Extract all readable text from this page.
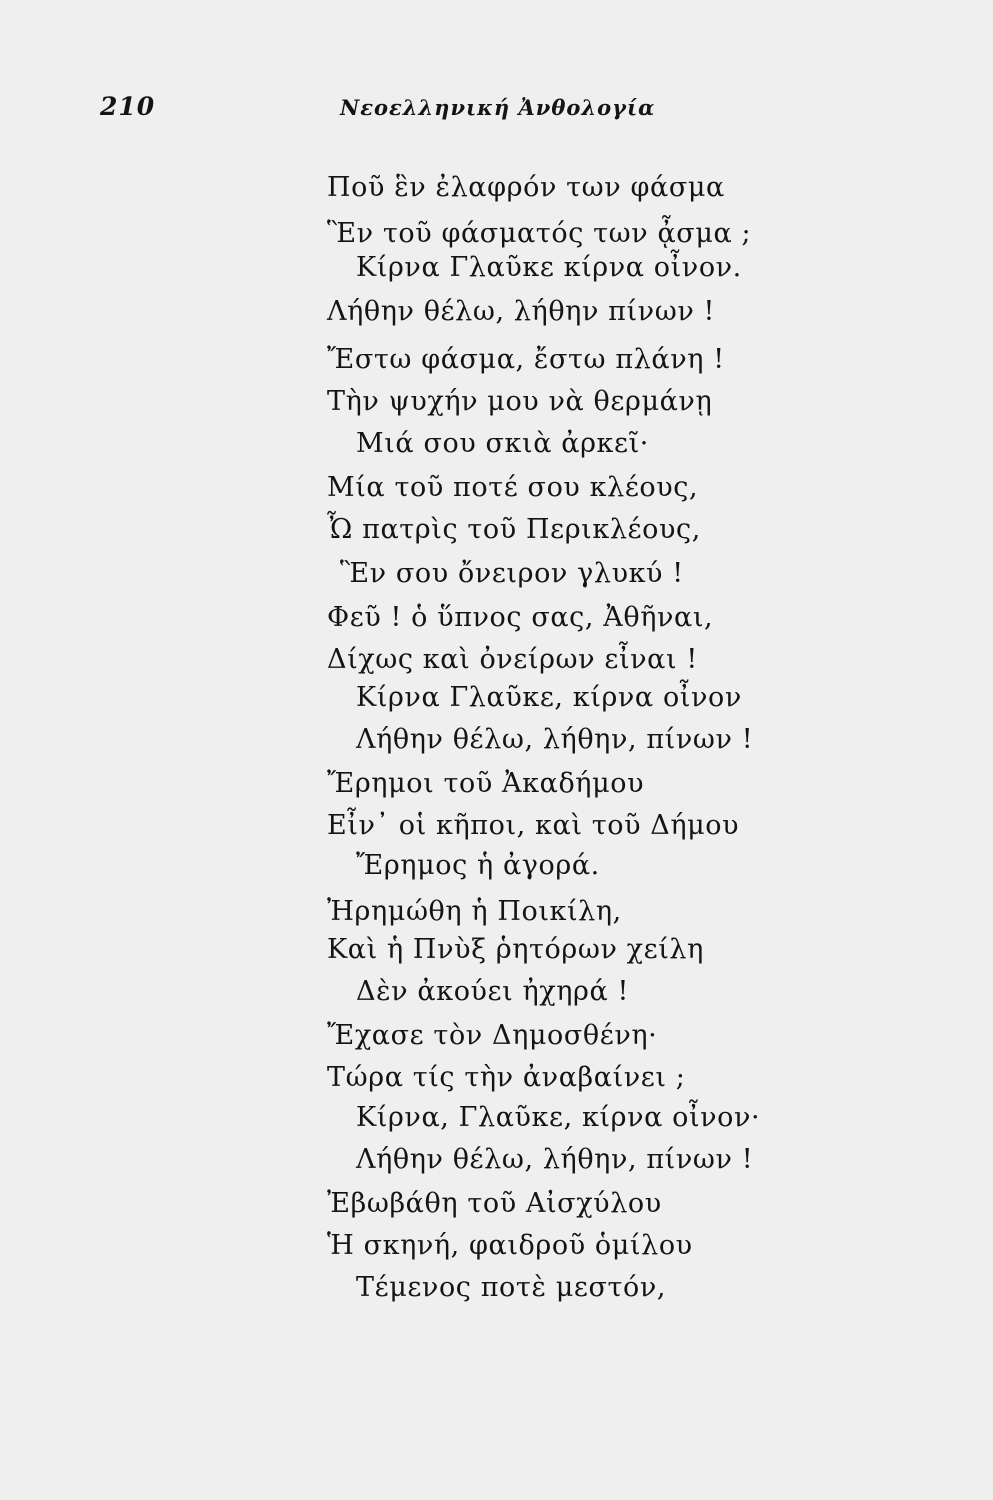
210	Νεοελληνική Ἀνθολογία
Ποῦ ἓν ἐλαφρόν των φάσμα
Ἓν τοῦ φάσματός των ᾆσμα ;
Κίρνα Γλαῦκε κίρνα οἶνον.
Λήθην θέλω, λήθην πίνων !
Ἔστω φάσμα, ἔστω πλάνη !
Τὴν ψυχήν μου νὰ θερμάνῃ
Μιά σου σκιὰ ἀρκεῖ·
Μία τοῦ ποτέ σου κλέους,
Ὦ πατρὶς τοῦ Περικλέους,
Ἓν σου ὄνειρον γλυκύ !
Φεῦ ! ὁ ὕπνος σας, Ἀθῆναι,
Δίχως καὶ ὀνείρων εἶναι !
Κίρνα Γλαῦκε, κίρνα οἶνον
Λήθην θέλω, λήθην, πίνων !
Ἔρημοι τοῦ Ἀκαδήμου
Εἶν᾿ οἱ κῆποι, καὶ τοῦ Δήμου
Ἔρημος ἡ ἀγορά.
Ἠρημώθη ἡ Ποικίλη,
Καὶ ἡ Πνὺξ ῥητόρων χείλη
Δὲν ἀκούει ἠχηρά !
Ἔχασε τὸν Δημοσθένη·
Τώρα τίς τὴν ἀναβαίνει ;
Κίρνα, Γλαῦκε, κίρνα οἶνον·
Λήθην θέλω, λήθην, πίνων !
Ἐβωβάθη τοῦ Αἰσχύλου
Ἡ σκηνή, φαιδροῦ ὁμίλου
Τέμενος ποτὲ μεστόν,
